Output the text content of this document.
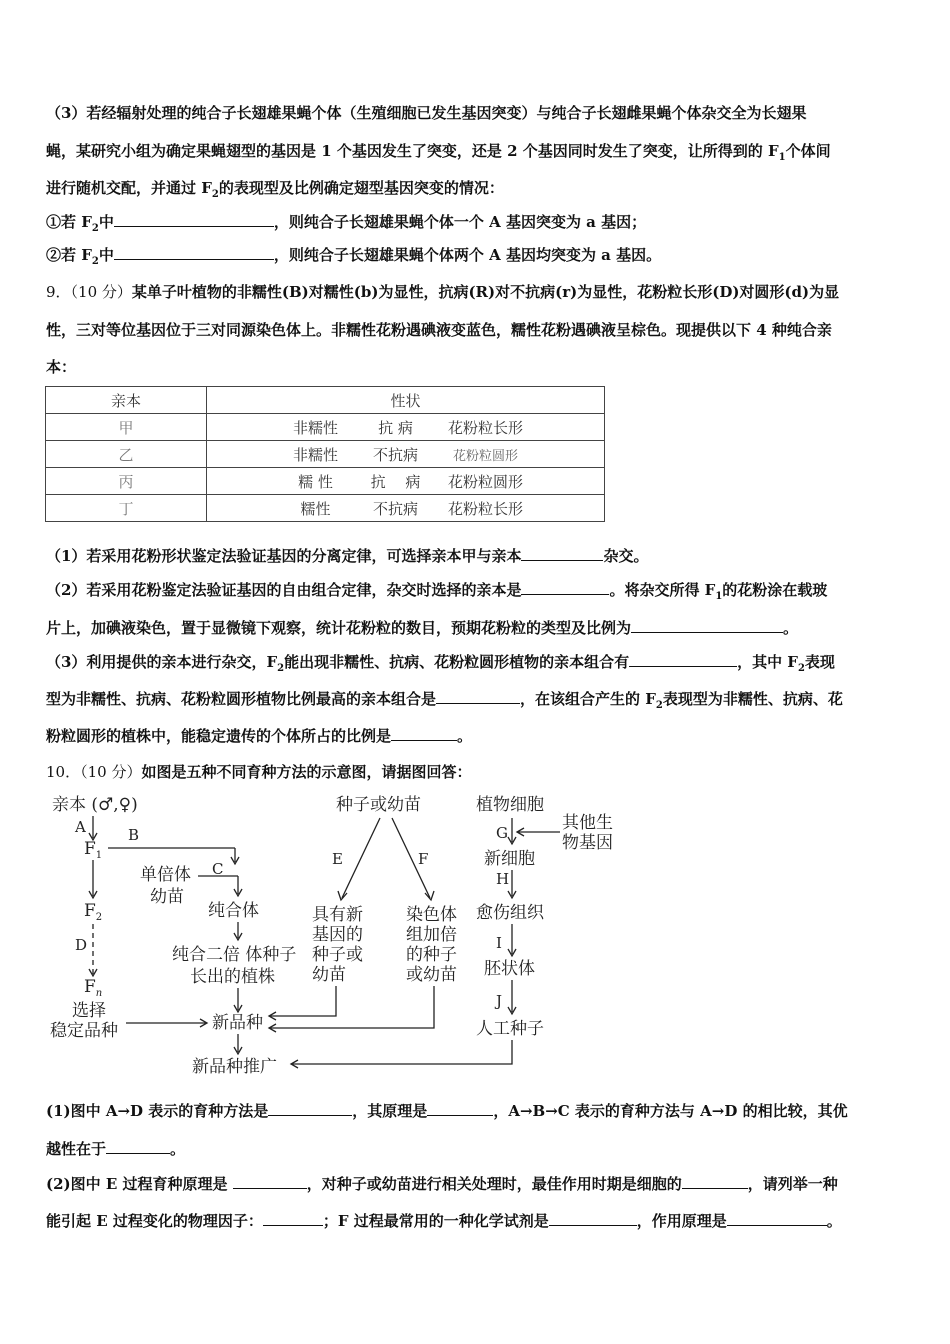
（3）若经辐射处理的纯合子长翅雄果蝇个体（生殖细胞已发生基因突变）与纯合子长翅雌果蝇个体杂交全为长翅果
蝇，某研究小组为确定果蝇翅型的基因是 1 个基因发生了突变，还是 2 个基因同时发生了突变，让所得到的 $F_1$个体间
进行随机交配，并通过 $F_2$的表现型及比例确定翅型基因突变的情况：
①若 $F_2$中	，则纯合子长翅雄果蝇个体一个 A 基因突变为 a 基因；
②若 $F_2$中	，则纯合子长翅雄果蝇个体两个 A 基因均突变为 a 基因。
9．（10 分）某单子叶植物的非糯性(B)对糯性(b)为显性，抗病(R)对不抗病(r)为显性，花粉粒长形(D)对圆形(d)为显
性，三对等位基因位于三对同源染色体上。非糯性花粉遇碘液变蓝色，糯性花粉遇碘液呈棕色。现提供以下 4 种纯合亲
本：
亲本	性状
甲	非糯性 抗 病 花粉粒长形
乙	非糯性 不抗病 花粉粒圆形
丙	糯 性 抗　 病 花粉粒圆形
丁	糯性 不抗病 花粉粒长形
（1）若采用花粉形状鉴定法验证基因的分离定律，可选择亲本甲与亲本	杂交。
（2）若采用花粉鉴定法验证基因的自由组合定律，杂交时选择的亲本是	。将杂交所得 $F_1$的花粉涂在载玻
片上，加碘液染色，置于显微镜下观察，统计花粉粒的数目，预期花粉粒的类型及比例为	。
（3）利用提供的亲本进行杂交，$F_2$能出现非糯性、抗病、花粉粒圆形植物的亲本组合有	，其中 $F_2$表现
型为非糯性、抗病、花粉粒圆形植物比例最高的亲本组合是	，在该组合产生的 $F_2$表现型为非糯性、抗病、花
粉粒圆形的植株中，能稳定遗传的个体所占的比例是	。
10．（10 分）如图是五种不同育种方法的示意图，请据图回答：
亲本 (♂,♀)
A
$F_1$
B
$F_2$
D
$F_n$
选择
稳定品种
单倍体
幼苗
C
纯合体
纯合二倍 体种子
长出的植株
新品种
新品种推广
种子或幼苗
E	F
具有新
基因的
种子或
幼苗
染色体
组加倍
的种子
或幼苗
植物细胞
其他生
物基因
G
新细胞
H
愈伤组织
I
胚状体
J
人工种子
(1)图中 A→D 表示的育种方法是	，其原理是	，A→B→C 表示的育种方法与 A→D 的相比较，其优
越性在于	。
(2)图中 E 过程育种原理是	，对种子或幼苗进行相关处理时，最佳作用时期是细胞的	，请列举一种
能引起 E 过程变化的物理因子：	；F 过程最常用的一种化学试剂是	，作用原理是	。
